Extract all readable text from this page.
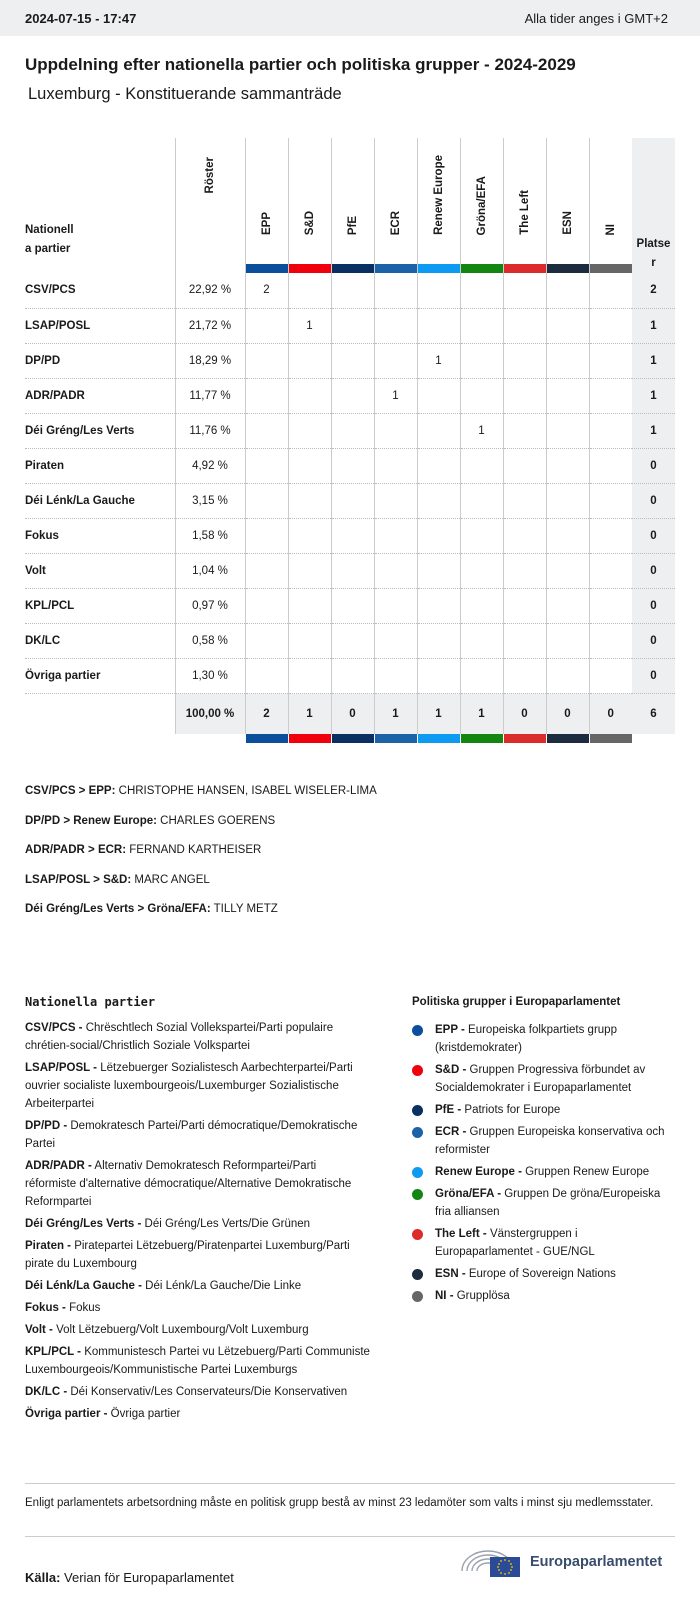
2024-07-15 - 17:47	Alla tider anges i GMT+2
Uppdelning efter nationella partier och politiska grupper - 2024-2029
Luxemburg - Konstituerande sammanträde
Nationell
a partier	Röster	EPP	S&D	PfE	ECR	Renew Europe	Gröna/EFA	The Left	ESN	NI	Platse
r
CSV/PCS	22,92 %	2									2
LSAP/POSL	21,72 %		1								1
DP/PD	18,29 %					1					1
ADR/PADR	11,77 %				1						1
Déi Gréng/Les Verts	11,76 %						1				1
Piraten	4,92 %										0
Déi Lénk/La Gauche	3,15 %										0
Fokus	1,58 %										0
Volt	1,04 %										0
KPL/PCL	0,97 %										0
DK/LC	0,58 %										0
Övriga partier	1,30 %										0
	100,00 %	2	1	0	1	1	1	0	0	0	6
CSV/PCS > EPP: CHRISTOPHE HANSEN, ISABEL WISELER-LIMA
DP/PD > Renew Europe: CHARLES GOERENS
ADR/PADR > ECR: FERNAND KARTHEISER
LSAP/POSL > S&D: MARC ANGEL
Déi Gréng/Les Verts > Gröna/EFA: TILLY METZ
Nationella partier
CSV/PCS - Chrëschtlech Sozial Vollekspartei/Parti populaire chrétien-social/Christlich Soziale Volkspartei
LSAP/POSL - Lëtzebuerger Sozialistesch Aarbechterpartei/Parti ouvrier socialiste luxembourgeois/Luxemburger Sozialistische Arbeiterpartei
DP/PD - Demokratesch Partei/Parti démocratique/Demokratische Partei
ADR/PADR - Alternativ Demokratesch Reformpartei/Parti réformiste d'alternative démocratique/Alternative Demokratische Reformpartei
Déi Gréng/Les Verts - Déi Gréng/Les Verts/Die Grünen
Piraten - Piratepartei Lëtzebuerg/Piratenpartei Luxemburg/Parti pirate du Luxembourg
Déi Lénk/La Gauche - Déi Lénk/La Gauche/Die Linke
Fokus - Fokus
Volt - Volt Lëtzebuerg/Volt Luxembourg/Volt Luxemburg
KPL/PCL - Kommunistesch Partei vu Lëtzebuerg/Parti Communiste Luxembourgeois/Kommunistische Partei Luxemburgs
DK/LC - Déi Konservativ/Les Conservateurs/Die Konservativen
Övriga partier - Övriga partier
Politiska grupper i Europaparlamentet
EPP - Europeiska folkpartiets grupp (kristdemokrater)
S&D - Gruppen Progressiva förbundet av Socialdemokrater i Europaparlamentet
PfE - Patriots for Europe
ECR - Gruppen Europeiska konservativa och reformister
Renew Europe - Gruppen Renew Europe
Gröna/EFA - Gruppen De gröna/Europeiska fria alliansen
The Left - Vänstergruppen i Europaparlamentet - GUE/NGL
ESN - Europe of Sovereign Nations
NI - Grupplösa
Enligt parlamentets arbetsordning måste en politisk grupp bestå av minst 23 ledamöter som valts i minst sju medlemsstater.
Källa: Verian för Europaparlamentet
Europaparlamentet
